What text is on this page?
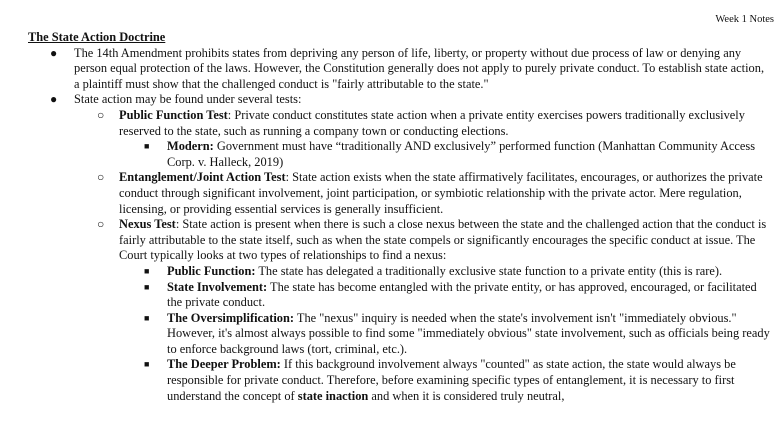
Week 1 Notes
The State Action Doctrine
● The 14th Amendment prohibits states from depriving any person of life, liberty, or property without due process of law or denying any person equal protection of the laws. However, the Constitution generally does not apply to purely private conduct. To establish state action, a plaintiff must show that the challenged conduct is "fairly attributable to the state."
● State action may be found under several tests:
○ Public Function Test: Private conduct constitutes state action when a private entity exercises powers traditionally exclusively reserved to the state, such as running a company town or conducting elections.
■ Modern: Government must have “traditionally AND exclusively” performed function (Manhattan Community Access Corp. v. Halleck, 2019)
○ Entanglement/Joint Action Test: State action exists when the state affirmatively facilitates, encourages, or authorizes the private conduct through significant involvement, joint participation, or symbiotic relationship with the private actor. Mere regulation, licensing, or providing essential services is generally insufficient.
○ Nexus Test: State action is present when there is such a close nexus between the state and the challenged action that the conduct is fairly attributable to the state itself, such as when the state compels or significantly encourages the specific conduct at issue. The Court typically looks at two types of relationships to find a nexus:
■ Public Function: The state has delegated a traditionally exclusive state function to a private entity (this is rare).
■ State Involvement: The state has become entangled with the private entity, or has approved, encouraged, or facilitated the private conduct.
■ The Oversimplification: The "nexus" inquiry is needed when the state's involvement isn't "immediately obvious." However, it's almost always possible to find some "immediately obvious" state involvement, such as officials being ready to enforce background laws (tort, criminal, etc.).
■ The Deeper Problem: If this background involvement always "counted" as state action, the state would always be responsible for private conduct. Therefore, before examining specific types of entanglement, it is necessary to first understand the concept of state inaction and when it is considered truly neutral,
